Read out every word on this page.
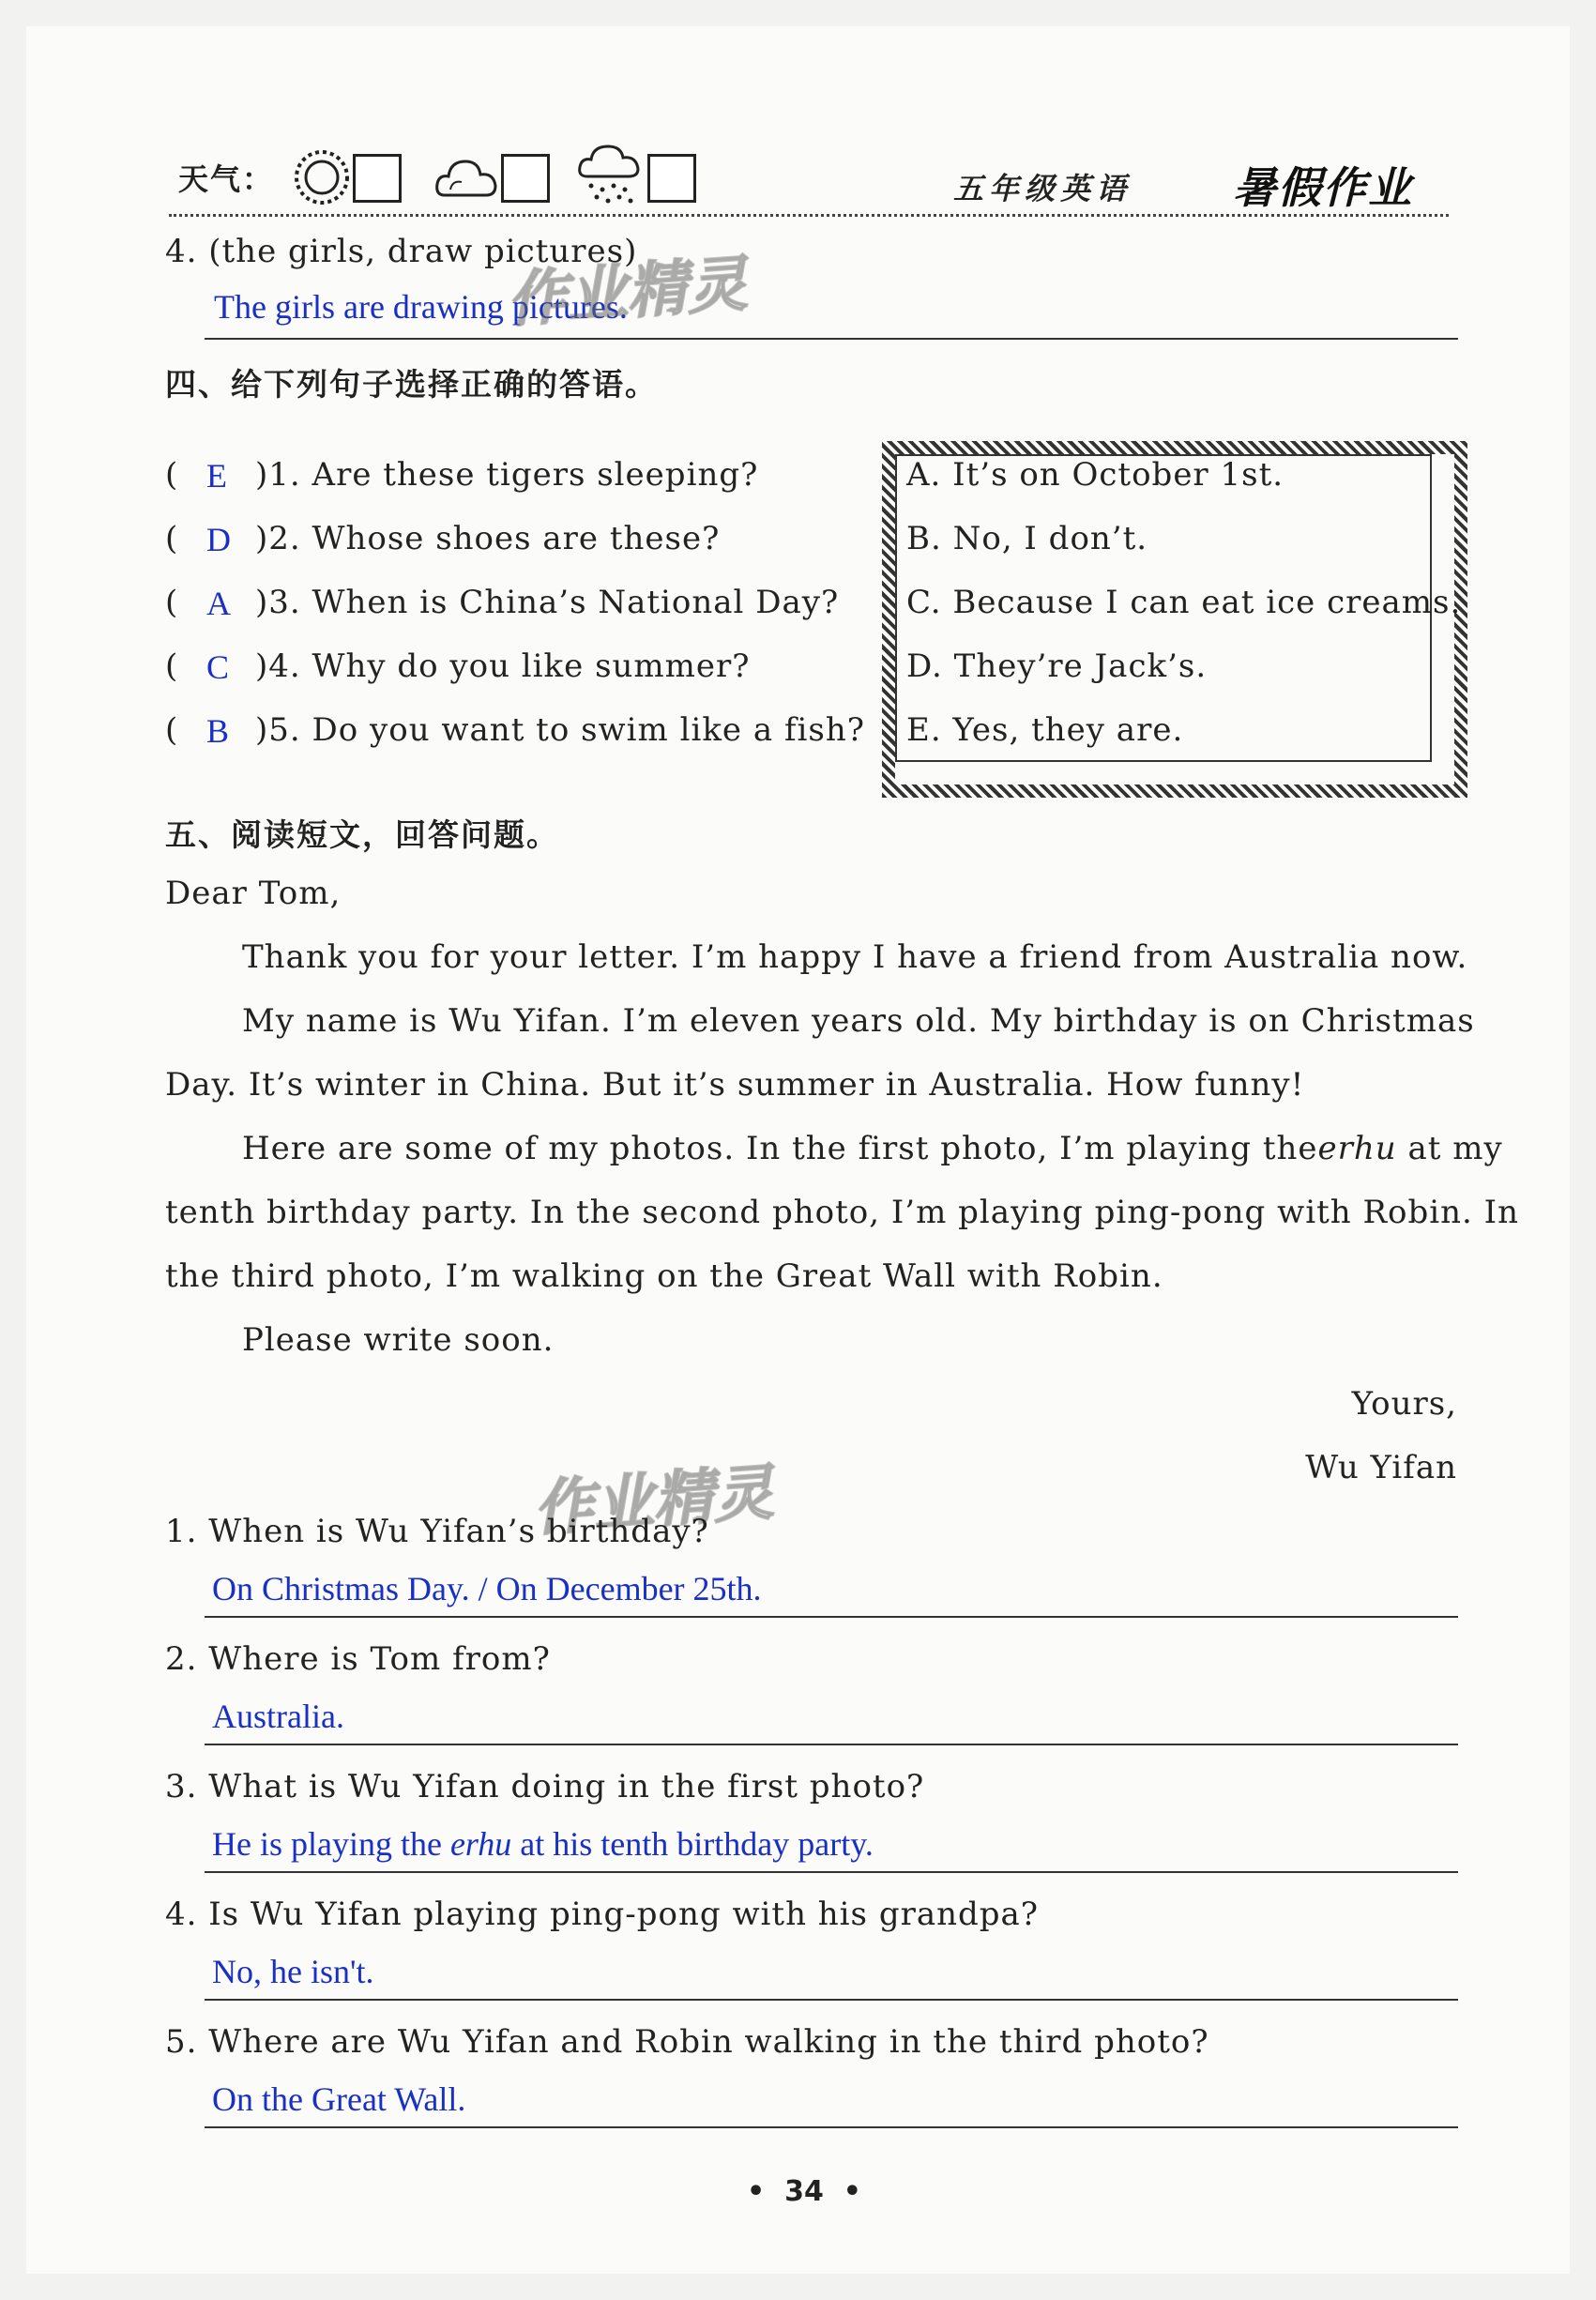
天气：	五年级英语 暑假作业
4. (the girls, draw pictures)
The girls are drawing pictures.
作业精灵
四、给下列句子选择正确的答语。
( E )1. Are these tigers sleeping?
( D )2. Whose shoes are these?
( A )3. When is China’s National Day?
( C )4. Why do you like summer?
( B )5. Do you want to swim like a fish?
A. It’s on October 1st.
B. No, I don’t.
C. Because I can eat ice creams.
D. They’re Jack’s.
E. Yes, they are.
五、阅读短文，回答问题。
Dear Tom,
Thank you for your letter. I’m happy I have a friend from Australia now.
My name is Wu Yifan. I’m eleven years old. My birthday is on Christmas
Day. It’s winter in China. But it’s summer in Australia. How funny!
Here are some of my photos. In the first photo, I’m playing theerhu at my
tenth birthday party. In the second photo, I’m playing ping-pong with Robin. In
the third photo, I’m walking on the Great Wall with Robin.
Please write soon.
Yours,
Wu Yifan
作业精灵
1. When is Wu Yifan’s birthday?
On Christmas Day. / On December 25th.
2. Where is Tom from?
Australia.
3. What is Wu Yifan doing in the first photo?
He is playing the erhu at his tenth birthday party.
4. Is Wu Yifan playing ping-pong with his grandpa?
No, he isn't.
5. Where are Wu Yifan and Robin walking in the third photo?
On the Great Wall.
• 34 •
